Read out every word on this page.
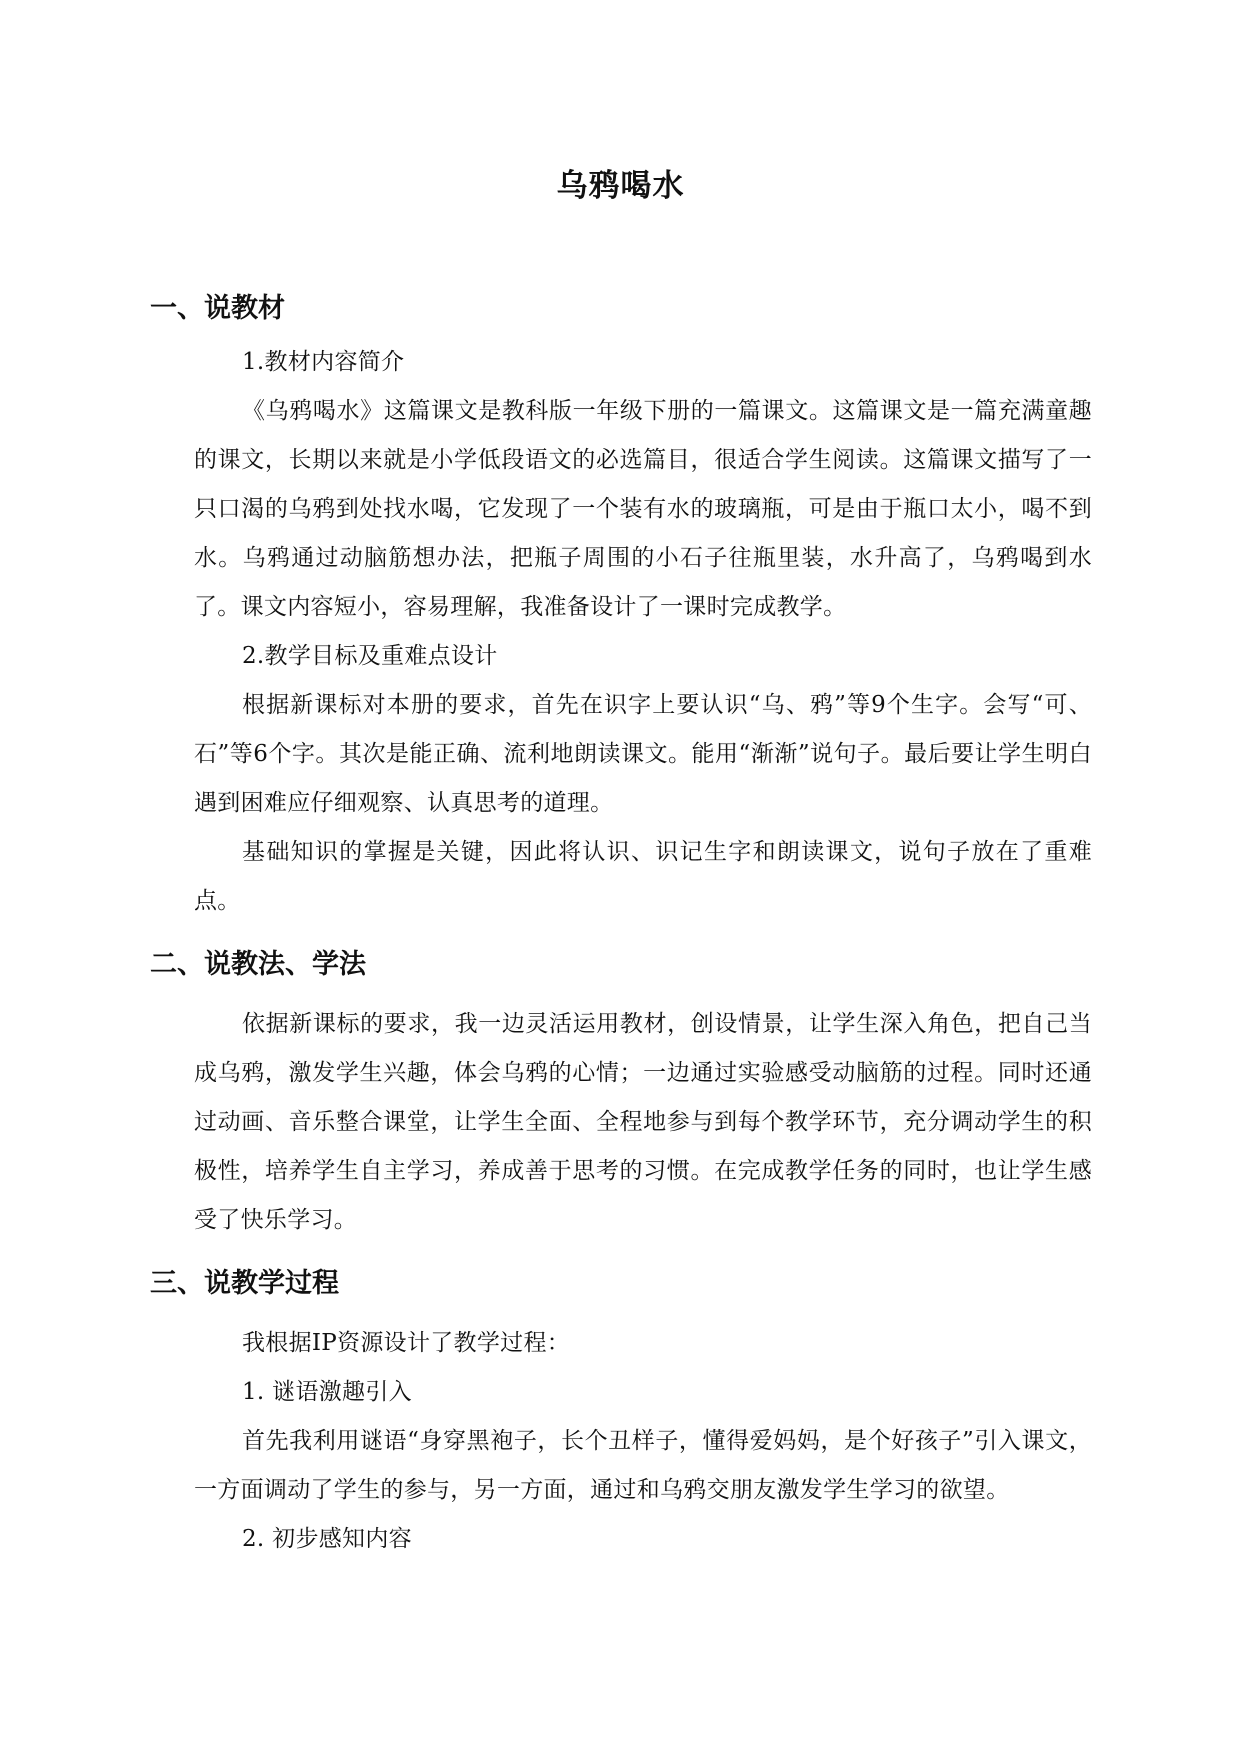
乌鸦喝水
一、说教材
1.教材内容简介
《乌鸦喝水》这篇课文是教科版一年级下册的一篇课文。这篇课文是一篇充满童趣的课文，长期以来就是小学低段语文的必选篇目，很适合学生阅读。这篇课文描写了一只口渴的乌鸦到处找水喝，它发现了一个装有水的玻璃瓶，可是由于瓶口太小，喝不到水。乌鸦通过动脑筋想办法，把瓶子周围的小石子往瓶里装，水升高了，乌鸦喝到水了。课文内容短小，容易理解，我准备设计了一课时完成教学。
2.教学目标及重难点设计
根据新课标对本册的要求，首先在识字上要认识“乌、鸦”等9个生字。会写“可、石”等6个字。其次是能正确、流利地朗读课文。能用“渐渐”说句子。最后要让学生明白遇到困难应仔细观察、认真思考的道理。
基础知识的掌握是关键，因此将认识、识记生字和朗读课文，说句子放在了重难点。
二、说教法、学法
依据新课标的要求，我一边灵活运用教材，创设情景，让学生深入角色，把自己当成乌鸦，激发学生兴趣，体会乌鸦的心情；一边通过实验感受动脑筋的过程。同时还通过动画、音乐整合课堂，让学生全面、全程地参与到每个教学环节，充分调动学生的积极性，培养学生自主学习，养成善于思考的习惯。在完成教学任务的同时，也让学生感受了快乐学习。
三、说教学过程
我根据IP资源设计了教学过程：
1. 谜语激趣引入
首先我利用谜语“身穿黑袍子，长个丑样子，懂得爱妈妈，是个好孩子”引入课文，一方面调动了学生的参与，另一方面，通过和乌鸦交朋友激发学生学习的欲望。
2. 初步感知内容
